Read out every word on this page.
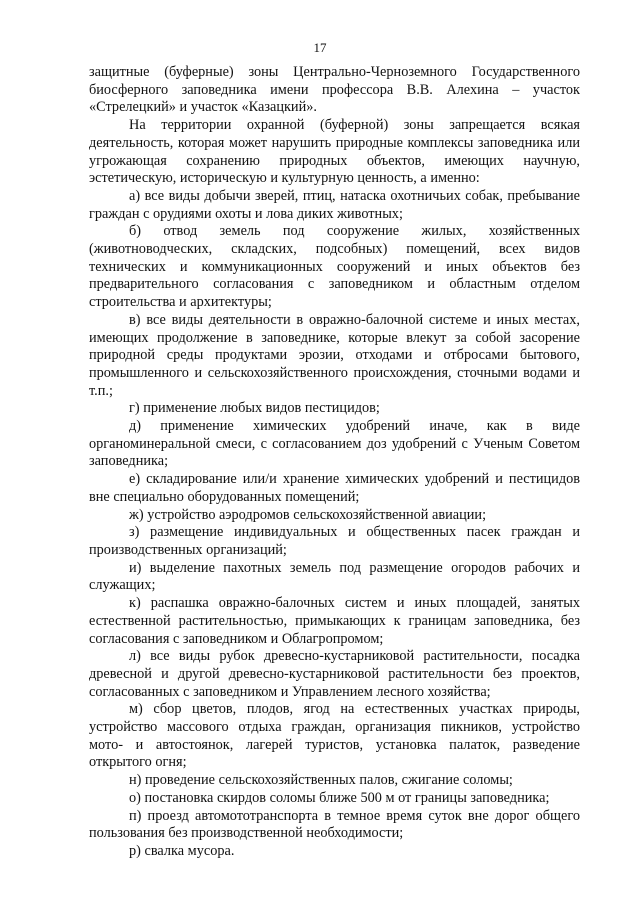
17

защитные (буферные) зоны Центрально-Черноземного Государственного биосферного заповедника имени профессора В.В. Алехина – участок «Стрелецкий» и участок «Казацкий».

На территории охранной (буферной) зоны запрещается всякая деятельность, которая может нарушить природные комплексы заповедника или угрожающая сохранению природных объектов, имеющих научную, эстетическую, историческую и культурную ценность, а именно:

а) все виды добычи зверей, птиц, натаска охотничьих собак, пребывание граждан с орудиями охоты и лова диких животных;

б) отвод земель под сооружение жилых, хозяйственных (животноводческих, складских, подсобных) помещений, всех видов технических и коммуникационных сооружений и иных объектов без предварительного согласования с заповедником и областным отделом строительства и архитектуры;

в) все виды деятельности в овражно-балочной системе и иных местах, имеющих продолжение в заповеднике, которые влекут за собой засорение природной среды продуктами эрозии, отходами и отбросами бытового, промышленного и сельскохозяйственного происхождения, сточными водами и т.п.;

г) применение любых видов пестицидов;

д) применение химических удобрений иначе, как в виде органоминеральной смеси, с согласованием доз удобрений с Ученым Советом заповедника;

е) складирование или/и хранение химических удобрений и пестицидов вне специально оборудованных помещений;

ж) устройство аэродромов сельскохозяйственной авиации;

з) размещение индивидуальных и общественных пасек граждан и производственных организаций;

и) выделение пахотных земель под размещение огородов рабочих и служащих;

к) распашка овражно-балочных систем и иных площадей, занятых естественной растительностью, примыкающих к границам заповедника, без согласования с заповедником и Облагропромом;

л) все виды рубок древесно-кустарниковой растительности, посадка древесной и другой древесно-кустарниковой растительности без проектов, согласованных с заповедником и Управлением лесного хозяйства;

м) сбор цветов, плодов, ягод на естественных участках природы, устройство массового отдыха граждан, организация пикников, устройство мото- и автостоянок, лагерей туристов, установка палаток, разведение открытого огня;

н) проведение сельскохозяйственных палов, сжигание соломы;

о) постановка скирдов соломы ближе 500 м от границы заповедника;

п) проезд автомототранспорта в темное время суток вне дорог общего пользования без производственной необходимости;

р) свалка мусора.
